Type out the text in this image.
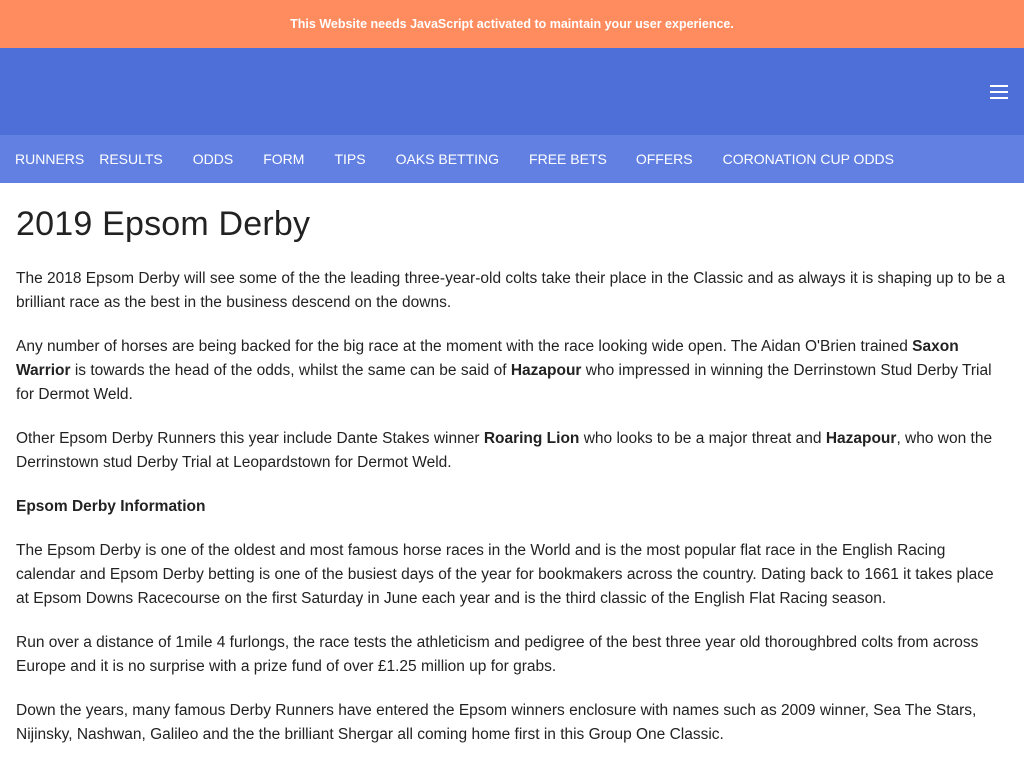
This Website needs JavaScript activated to maintain your user experience.
RUNNERS RESULTS ODDS FORM TIPS OAKS BETTING FREE BETS OFFERS CORONATION CUP ODDS
2019 Epsom Derby

The 2018 Epsom Derby will see some of the the leading three-year-old colts take their place in the Classic and as always it is shaping up to be a brilliant race as the best in the business descend on the downs.

Any number of horses are being backed for the big race at the moment with the race looking wide open. The Aidan O'Brien trained Saxon Warrior is towards the head of the odds, whilst the same can be said of Hazapour who impressed in winning the Derrinstown Stud Derby Trial for Dermot Weld.

Other Epsom Derby Runners this year include Dante Stakes winner Roaring Lion who looks to be a major threat and Hazapour, who won the Derrinstown stud Derby Trial at Leopardstown for Dermot Weld.

Epsom Derby Information

The Epsom Derby is one of the oldest and most famous horse races in the World and is the most popular flat race in the English Racing calendar and Epsom Derby betting is one of the busiest days of the year for bookmakers across the country. Dating back to 1661 it takes place at Epsom Downs Racecourse on the first Saturday in June each year and is the third classic of the English Flat Racing season.

Run over a distance of 1mile 4 furlongs, the race tests the athleticism and pedigree of the best three year old thoroughbred colts from across Europe and it is no surprise with a prize fund of over £1.25 million up for grabs.

Down the years, many famous Derby Runners have entered the Epsom winners enclosure with names such as 2009 winner, Sea The Stars, Nijinsky, Nashwan, Galileo and the the brilliant Shergar all coming home first in this Group One Classic.
